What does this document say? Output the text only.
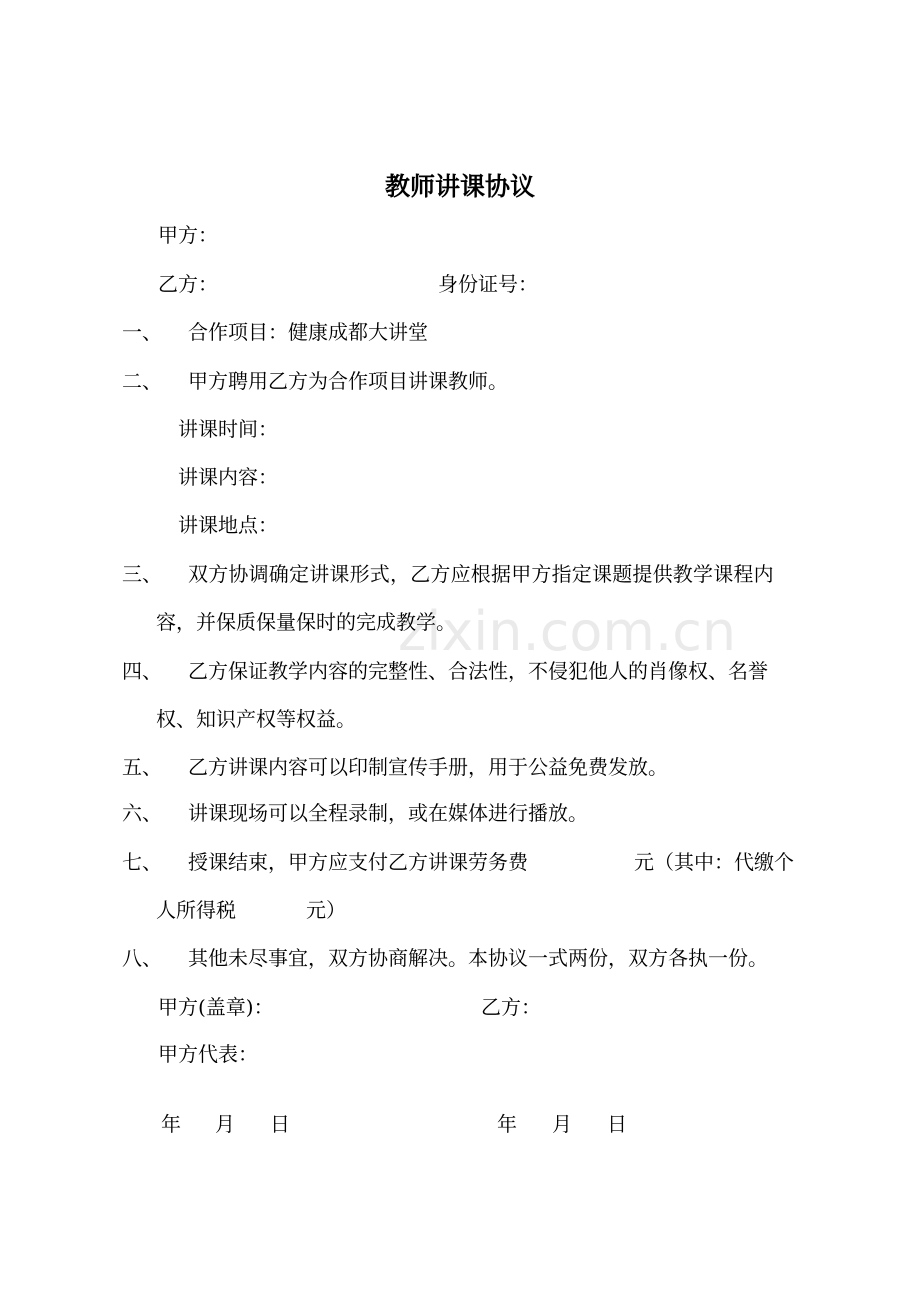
教师讲课协议
甲方：
乙方：	身份证号：
一、 合作项目：健康成都大讲堂
二、 甲方聘用乙方为合作项目讲课教师。
讲课时间：
讲课内容：
讲课地点：
三、 双方协调确定讲课形式，乙方应根据甲方指定课题提供教学课程内
容，并保质保量保时的完成教学。
四、 乙方保证教学内容的完整性、合法性，不侵犯他人的肖像权、名誉
权、知识产权等权益。
五、 乙方讲课内容可以印制宣传手册，用于公益免费发放。
六、 讲课现场可以全程录制，或在媒体进行播放。
七、 授课结束，甲方应支付乙方讲课劳务费	元（其中：代缴个
人所得税	元）
八、 其他未尽事宜，双方协商解决。本协议一式两份，双方各执一份。
甲方(盖章)：	乙方：
甲方代表：
年 月 日	年 月 日
zixin.com.cn
